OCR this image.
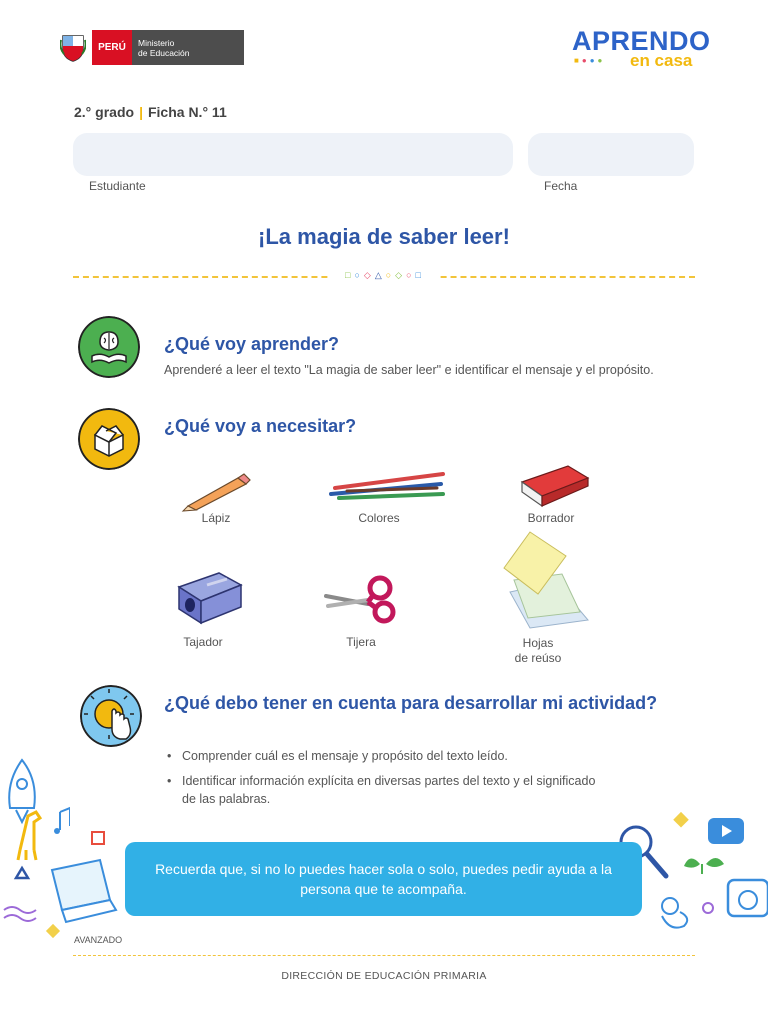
PERÚ	Ministerio
de Educación	APRENDO
■●●● en casa
2.° grado | Ficha N.° 11
Estudiante	Fecha
¡La magia de saber leer!
□ ○ ◇ △ ○ ◇ ○ □
¿Qué voy aprender?
Aprenderé a leer el texto "La magia de saber leer" e identificar el mensaje y el propósito.
¿Qué voy a necesitar?
Lápiz	Colores	Borrador
Tajador	Tijera	Hojas
de reúso
¿Qué debo tener en cuenta para desarrollar mi actividad?
• Comprender cuál es el mensaje y propósito del texto leído.
• Identificar información explícita en diversas partes del texto y el significado de las palabras.
Recuerda que, si no lo puedes hacer sola o solo, puedes pedir ayuda a la persona que te acompaña.
AVANZADO
DIRECCIÓN DE EDUCACIÓN PRIMARIA
